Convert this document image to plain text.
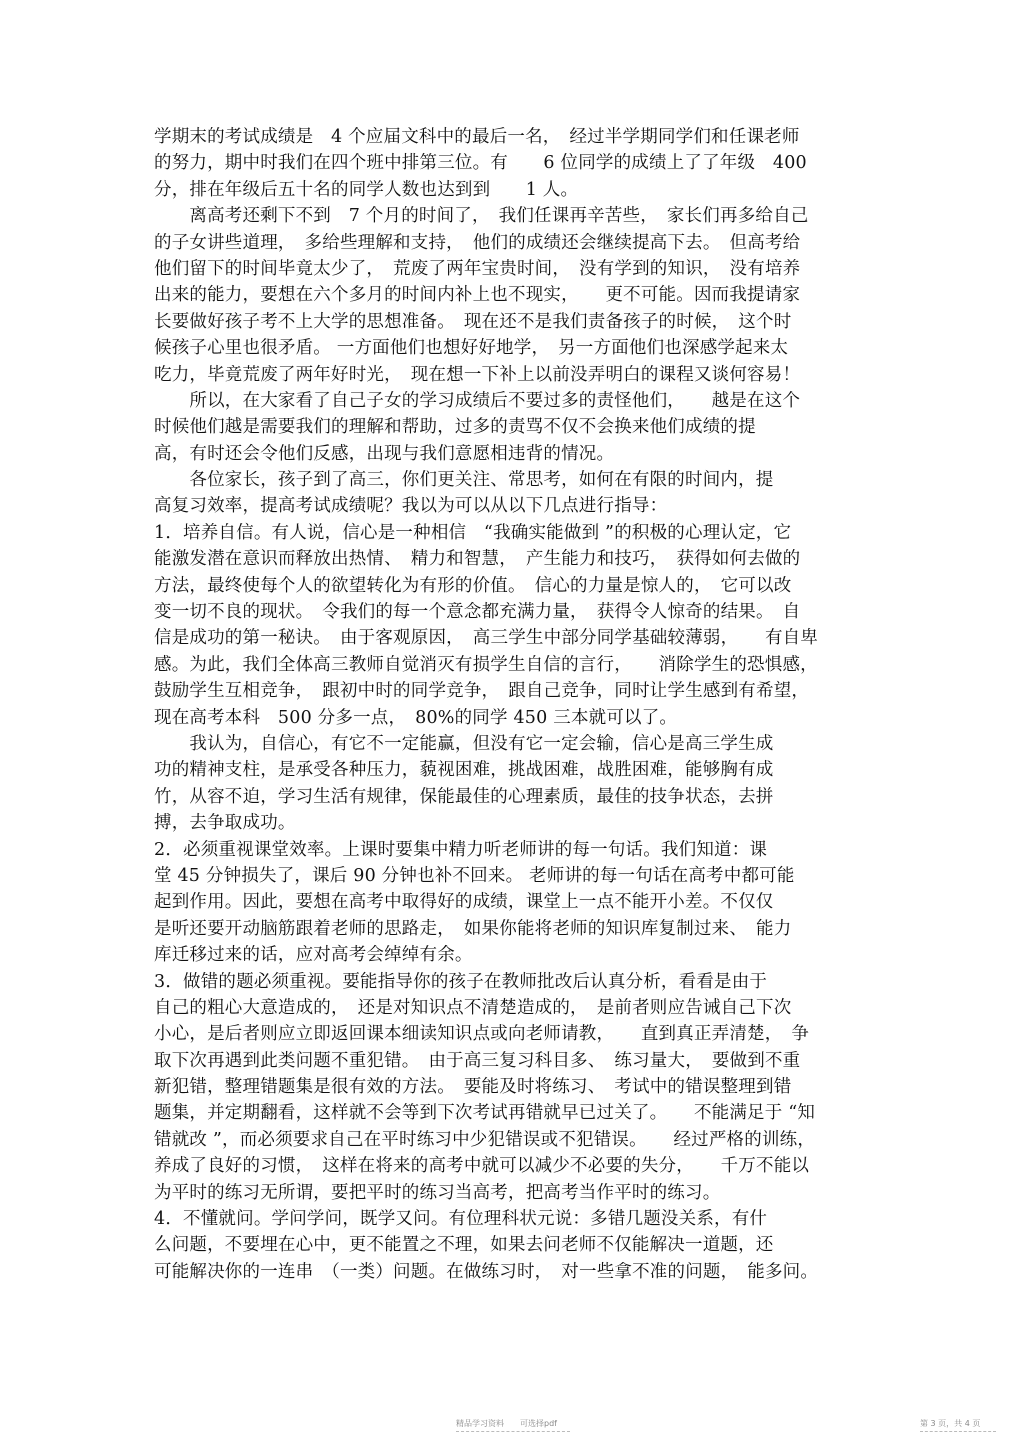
学期末的考试成绩是　4 个应届文科中的最后一名，　经过半学期同学们和任课老师
的努力，期中时我们在四个班中排第三位。有　　6 位同学的成绩上了了年级　400
分，排在年级后五十名的同学人数也达到到　　1 人。
　　离高考还剩下不到　7 个月的时间了，　我们任课再辛苦些，　家长们再多给自己
的子女讲些道理，　多给些理解和支持，　他们的成绩还会继续提高下去。　但高考给
他们留下的时间毕竟太少了，　荒废了两年宝贵时间，　没有学到的知识，　没有培养
出来的能力，要想在六个多月的时间内补上也不现实，　　更不可能。因而我提请家
长要做好孩子考不上大学的思想准备。　现在还不是我们责备孩子的时候，　这个时
候孩子心里也很矛盾。 一方面他们也想好好地学，　另一方面他们也深感学起来太
吃力，毕竟荒废了两年好时光，　现在想一下补上以前没弄明白的课程又谈何容易！
　　所以，在大家看了自己子女的学习成绩后不要过多的责怪他们，　　越是在这个
时候他们越是需要我们的理解和帮助，过多的责骂不仅不会换来他们成绩的提
高，有时还会令他们反感，出现与我们意愿相违背的情况。
　　各位家长，孩子到了高三，你们更关注、常思考，如何在有限的时间内，提
高复习效率，提高考试成绩呢？我以为可以从以下几点进行指导：
1．培养自信。有人说，信心是一种相信　“我确实能做到 ”的积极的心理认定，它
能激发潜在意识而释放出热情、　精力和智慧，　产生能力和技巧，　获得如何去做的
方法，最终使每个人的欲望转化为有形的价值。　信心的力量是惊人的，　它可以改
变一切不良的现状。　令我们的每一个意念都充满力量，　获得令人惊奇的结果。　自
信是成功的第一秘诀。　由于客观原因，　高三学生中部分同学基础较薄弱，　　有自卑
感。为此，我们全体高三教师自觉消灭有损学生自信的言行，　　消除学生的恐惧感，
鼓励学生互相竞争，　跟初中时的同学竞争，　跟自己竞争，同时让学生感到有希望，
现在高考本科　500 分多一点，　80%的同学 450 三本就可以了。
　　我认为，自信心，有它不一定能赢，但没有它一定会输，信心是高三学生成
功的精神支柱，是承受各种压力，藐视困难，挑战困难，战胜困难，能够胸有成
竹，从容不迫，学习生活有规律，保能最佳的心理素质，最佳的技争状态，去拼
搏，去争取成功。
2．必须重视课堂效率。上课时要集中精力听老师讲的每一句话。我们知道：课
堂 45 分钟损失了，课后 90 分钟也补不回来。 老师讲的每一句话在高考中都可能
起到作用。因此，要想在高考中取得好的成绩，课堂上一点不能开小差。不仅仅
是听还要开动脑筋跟着老师的思路走，　如果你能将老师的知识库复制过来、　能力
库迁移过来的话，应对高考会绰绰有余。
3．做错的题必须重视。要能指导你的孩子在教师批改后认真分析，看看是由于
自己的粗心大意造成的，　还是对知识点不清楚造成的，　是前者则应告诫自己下次
小心，是后者则应立即返回课本细读知识点或向老师请教，　　直到真正弄清楚，　争
取下次再遇到此类问题不重犯错。　由于高三复习科目多、　练习量大，　要做到不重
新犯错，整理错题集是很有效的方法。　要能及时将练习、　考试中的错误整理到错
题集，并定期翻看，这样就不会等到下次考试再错就早已过关了。　　不能满足于 “知
错就改 ”，而必须要求自己在平时练习中少犯错误或不犯错误。　　经过严格的训练，
养成了良好的习惯，　这样在将来的高考中就可以减少不必要的失分，　　千万不能以
为平时的练习无所谓，要把平时的练习当高考，把高考当作平时的练习。
4．不懂就问。学问学问，既学又问。有位理科状元说：多错几题没关系，有什
么问题，不要埋在心中，更不能置之不理，如果去问老师不仅能解决一道题，还
可能解决你的一连串　（一类）问题。在做练习时，　对一些拿不准的问题，　能多问。
精品学习资料　　可选择pdf	第 3 页，共 4 页
